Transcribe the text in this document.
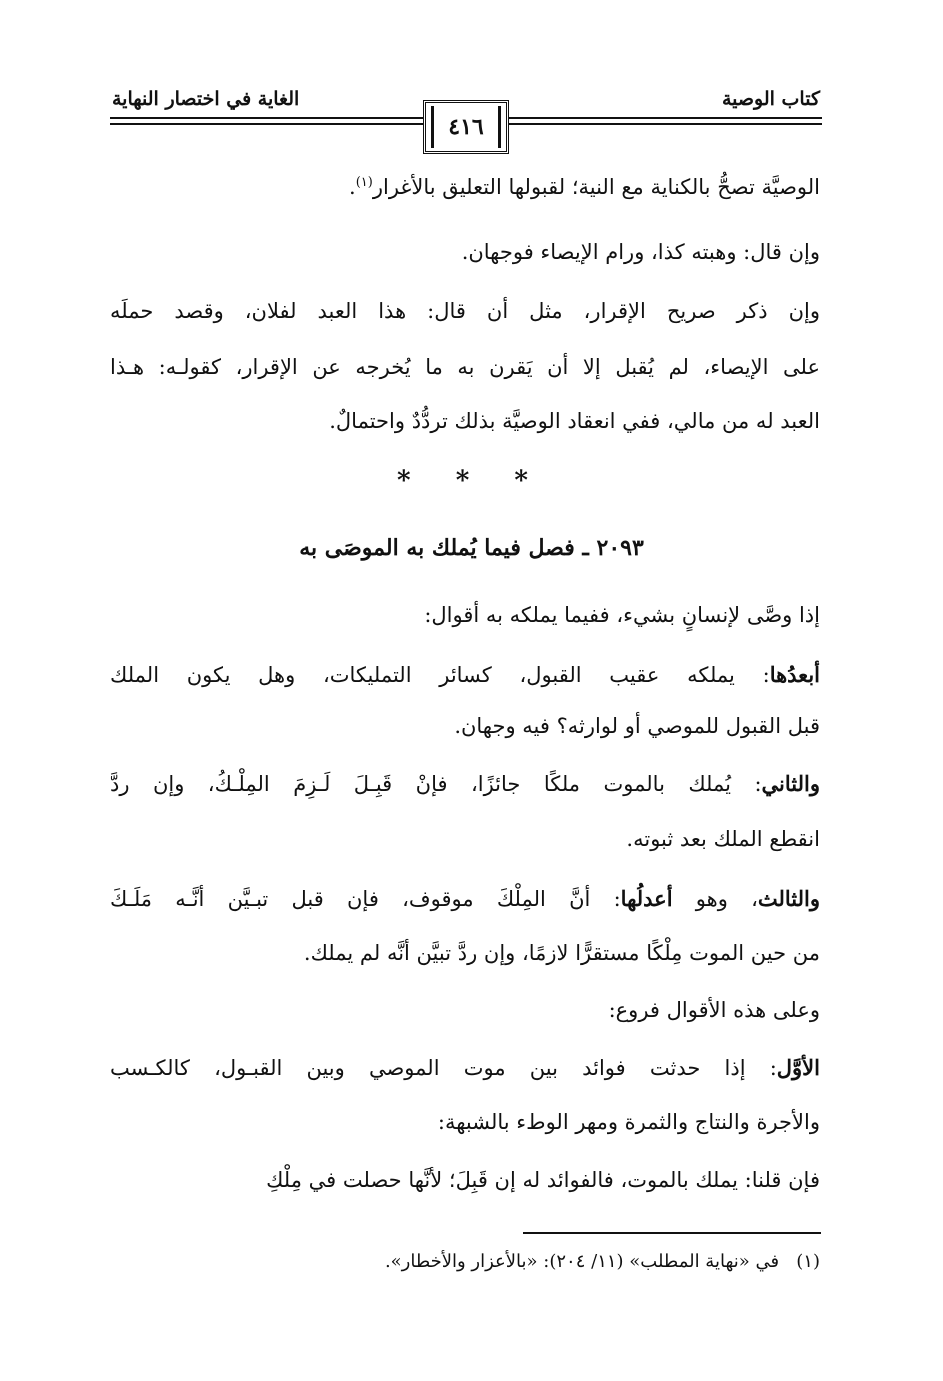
كتاب الوصية
الغاية في اختصار النهاية
٤١٦

الوصيَّة تصحُّ بالكناية مع النية؛ لقبولها التعليق بالأغرار$^{(١)}$.

وإن قال: وهبته كذا، ورام الإيصاء فوجهان.

وإن ذكر صريح الإقرار، مثل أن قال: هذا العبد لفلان، وقصد حملَه

على الإيصاء، لم يُقبل إلا أن يَقرن به ما يُخرجه عن الإقرار، كقولـه: هـذا

العبد له من مالي، ففي انعقاد الوصيَّة بذلك تردُّدٌ واحتمالٌ.

* * *
٢٠٩٣ ـ فصل فيما يُملك به الموصَى به

إذا وصَّى لإنسانٍ بشيء، ففيما يملكه به أقوال:

أبعدُها: يملكه عقيب القبول، كسائر التمليكات، وهل يكون الملك

قبل القبول للموصي أو لوارثه؟ فيه وجهان.

والثاني: يُملك بالموت ملكًا جائزًا، فإنْ قَبِـلَ لَـزِمَ المِلْـكُ، وإن ردَّ

انقطع الملك بعد ثبوته.

والثالث، وهو أعدلُها: أنَّ المِلْكَ موقوف، فإن قبل تبـيَّن أنَّـه مَلَـكَ

من حين الموت مِلْكًا مستقرًّا لازمًا، وإن ردَّ تبيَّن أنَّه لم يملك.

وعلى هذه الأقوال فروع:

الأوَّل: إذا حدثت فوائد بين موت الموصي وبين القبـول، كالكـسب

والأجرة والنتاج والثمرة ومهر الوطء بالشبهة:

فإن قلنا: يملك بالموت، فالفوائد له إن قَبِلَ؛ لأنَّها حصلت في مِلْكِ

(١)   في «نهاية المطلب» (١١/ ٢٠٤): «بالأعزار والأخطار».
